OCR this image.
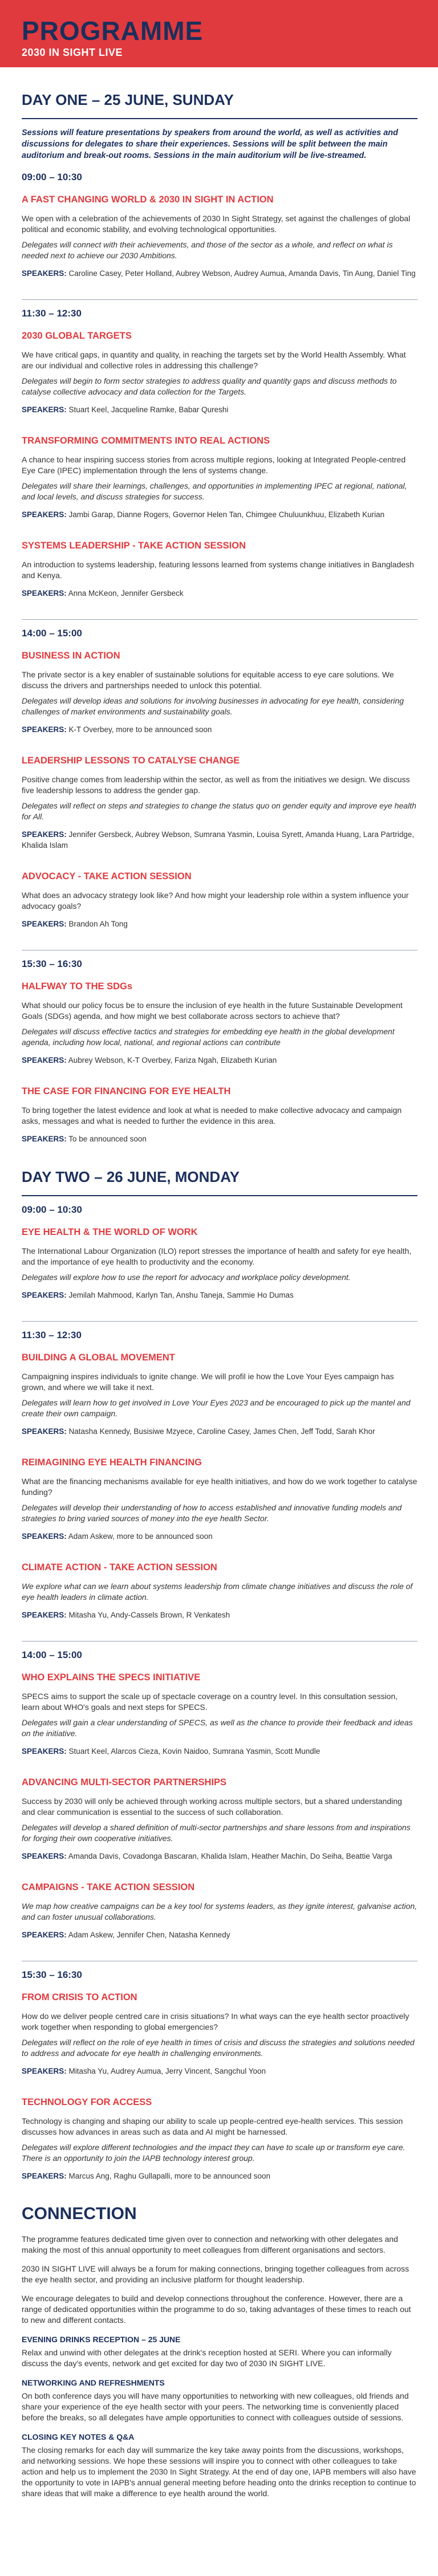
PROGRAMME
2030 IN SIGHT LIVE
DAY ONE – 25 JUNE, SUNDAY
Sessions will feature presentations by speakers from around the world, as well as activities and discussions for delegates to share their experiences. Sessions will be split between the main auditorium and break-out rooms. Sessions in the main auditorium will be live-streamed.
09:00 – 10:30
A FAST CHANGING WORLD & 2030 IN SIGHT IN ACTION
We open with a celebration of the achievements of 2030 In Sight Strategy, set against the challenges of global political and economic stability, and evolving technological opportunities.
Delegates will connect with their achievements, and those of the sector as a whole, and reflect on what is needed next to achieve our 2030 Ambitions.
SPEAKERS: Caroline Casey, Peter Holland, Aubrey Webson, Audrey Aumua, Amanda Davis, Tin Aung, Daniel Ting
11:30 – 12:30
2030 GLOBAL TARGETS
We have critical gaps, in quantity and quality, in reaching the targets set by the World Health Assembly. What are our individual and collective roles in addressing this challenge?
Delegates will begin to form sector strategies to address quality and quantity gaps and discuss methods to catalyse collective advocacy and data collection for the Targets.
SPEAKERS: Stuart Keel, Jacqueline Ramke, Babar Qureshi
TRANSFORMING COMMITMENTS INTO REAL ACTIONS
A chance to hear inspiring success stories from across multiple regions, looking at Integrated People-centred Eye Care (IPEC) implementation through the lens of systems change.
Delegates will share their learnings, challenges, and opportunities in implementing IPEC at regional, national, and local levels, and discuss strategies for success.
SPEAKERS: Jambi Garap, Dianne Rogers, Governor Helen Tan, Chimgee Chuluunkhuu, Elizabeth Kurian
SYSTEMS LEADERSHIP - TAKE ACTION SESSION
An introduction to systems leadership, featuring lessons learned from systems change initiatives in Bangladesh and Kenya.
SPEAKERS: Anna McKeon, Jennifer Gersbeck
14:00 – 15:00
BUSINESS IN ACTION
The private sector is a key enabler of sustainable solutions for equitable access to eye care solutions. We discuss the drivers and partnerships needed to unlock this potential.
Delegates will develop ideas and solutions for involving businesses in advocating for eye health, considering challenges of market environments and sustainability goals.
SPEAKERS: K-T Overbey, more to be announced soon
LEADERSHIP LESSONS TO CATALYSE CHANGE
Positive change comes from leadership within the sector, as well as from the initiatives we design. We discuss five leadership lessons to address the gender gap.
Delegates will reflect on steps and strategies to change the status quo on gender equity and improve eye health for All.
SPEAKERS: Jennifer Gersbeck, Aubrey Webson, Sumrana Yasmin, Louisa Syrett, Amanda Huang, Lara Partridge, Khalida Islam
ADVOCACY - TAKE ACTION SESSION
What does an advocacy strategy look like? And how might your leadership role within a system influence your advocacy goals?
SPEAKERS: Brandon Ah Tong
15:30 – 16:30
HALFWAY TO THE SDGs
What should our policy focus be to ensure the inclusion of eye health in the future Sustainable Development Goals (SDGs) agenda, and how might we best collaborate across sectors to achieve that?
Delegates will discuss effective tactics and strategies for embedding eye health in the global development agenda, including how local, national, and regional actions can contribute
SPEAKERS: Aubrey Webson, K-T Overbey, Fariza Ngah, Elizabeth Kurian
THE CASE FOR FINANCING FOR EYE HEALTH
To bring together the latest evidence and look at what is needed to make collective advocacy and campaign asks, messages and what is needed to further the evidence in this area.
SPEAKERS: To be announced soon
DAY TWO – 26 JUNE, MONDAY
09:00 – 10:30
EYE HEALTH & THE WORLD OF WORK
The International Labour Organization (ILO) report stresses the importance of health and safety for eye health, and the importance of eye health to productivity and the economy.
Delegates will explore how to use the report for advocacy and workplace policy development.
SPEAKERS: Jemilah Mahmood, Karlyn Tan, Anshu Taneja, Sammie Ho Dumas
11:30 – 12:30
BUILDING A GLOBAL MOVEMENT
Campaigning inspires individuals to ignite change. We will profil ie how the Love Your Eyes campaign has grown, and where we will take it next.
Delegates will learn how to get involved in Love Your Eyes 2023 and be encouraged to pick up the mantel and create their own campaign.
SPEAKERS: Natasha Kennedy, Busisiwe Mzyece, Caroline Casey, James Chen, Jeff Todd, Sarah Khor
REIMAGINING EYE HEALTH FINANCING
What are the financing mechanisms available for eye health initiatives, and how do we work together to catalyse funding?
Delegates will develop their understanding of how to access established and innovative funding models and strategies to bring varied sources of money into the eye health Sector.
SPEAKERS: Adam Askew, more to be announced soon
CLIMATE ACTION - TAKE ACTION SESSION
We explore what can we learn about systems leadership from climate change initiatives and discuss the role of eye health leaders in climate action.
SPEAKERS: Mitasha Yu, Andy-Cassels Brown, R Venkatesh
14:00 – 15:00
WHO EXPLAINS THE SPECS INITIATIVE
SPECS aims to support the scale up of spectacle coverage on a country level. In this consultation session, learn about WHO's goals and next steps for SPECS.
Delegates will gain a clear understanding of SPECS, as well as the chance to provide their feedback and ideas on the initiative.
SPEAKERS: Stuart Keel, Alarcos Cieza, Kovin Naidoo, Sumrana Yasmin, Scott Mundle
ADVANCING MULTI-SECTOR PARTNERSHIPS
Success by 2030 will only be achieved through working across multiple sectors, but a shared understanding and clear communication is essential to the success of such collaboration.
Delegates will develop a shared definition of multi-sector partnerships and share lessons from and inspirations for forging their own cooperative initiatives.
SPEAKERS: Amanda Davis, Covadonga Bascaran, Khalida Islam, Heather Machin, Do Seiha, Beattie Varga
CAMPAIGNS - TAKE ACTION SESSION
We map how creative campaigns can be a key tool for systems leaders, as they ignite interest, galvanise action, and can foster unusual collaborations.
SPEAKERS: Adam Askew, Jennifer Chen, Natasha Kennedy
15:30 – 16:30
FROM CRISIS TO ACTION
How do we deliver people centred care in crisis situations? In what ways can the eye health sector proactively work together when responding to global emergencies?
Delegates will reflect on the role of eye health in times of crisis and discuss the strategies and solutions needed to address and advocate for eye health in challenging environments.
SPEAKERS: Mitasha Yu, Audrey Aumua, Jerry Vincent, Sangchul Yoon
TECHNOLOGY FOR ACCESS
Technology is changing and shaping our ability to scale up people-centred eye-health services. This session discusses how advances in areas such as data and AI might be harnessed.
Delegates will explore different technologies and the impact they can have to scale up or transform eye care. There is an opportunity to join the IAPB technology interest group.
SPEAKERS: Marcus Ang, Raghu Gullapalli, more to be announced soon
CONNECTION
The programme features dedicated time given over to connection and networking with other delegates and making the most of this annual opportunity to meet colleagues from different organisations and sectors.
2030 IN SIGHT LIVE will always be a forum for making connections, bringing together colleagues from across the eye health sector, and providing an inclusive platform for thought leadership.
We encourage delegates to build and develop connections throughout the conference. However, there are a range of dedicated opportunities within the programme to do so, taking advantages of these times to reach out to new and different contacts.
EVENING DRINKS RECEPTION – 25 JUNE
Relax and unwind with other delegates at the drink's reception hosted at SERI. Where you can informally discuss the day's events, network and get excited for day two of 2030 IN SIGHT LIVE.
NETWORKING AND REFRESHMENTS
On both conference days you will have many opportunities to networking with new colleagues, old friends and share your experience of the eye health sector with your peers. The networking time is conveniently placed before the breaks, so all delegates have ample opportunities to connect with colleagues outside of sessions.
CLOSING KEY NOTES & Q&A
The closing remarks for each day will summarize the key take away points from the discussions, workshops, and networking sessions. We hope these sessions will inspire you to connect with other colleagues to take action and help us to implement the 2030 In Sight Strategy. At the end of day one, IAPB members will also have the opportunity to vote in IAPB's annual general meeting before heading onto the drinks reception to continue to share ideas that will make a difference to eye health around the world.
